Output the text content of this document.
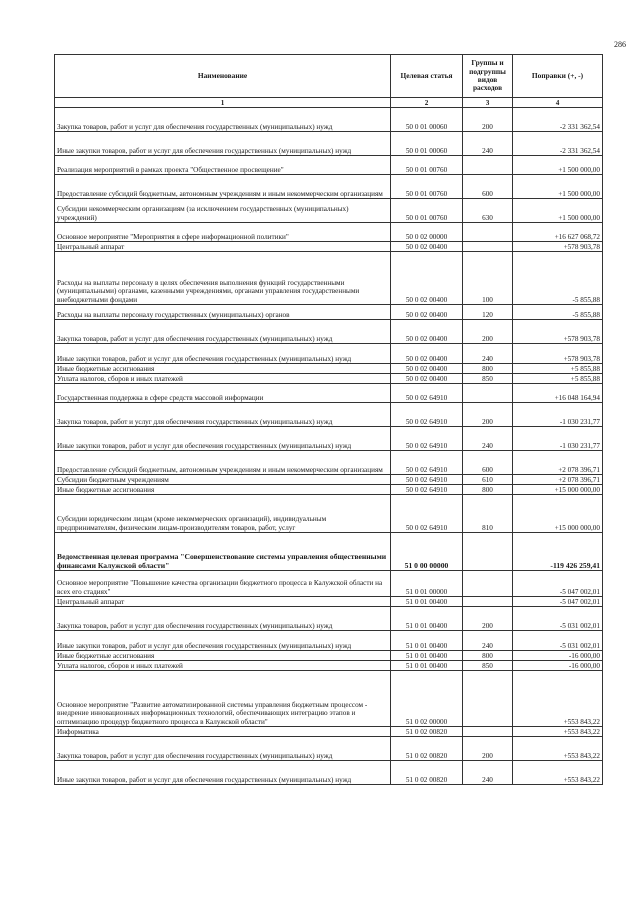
286
Наименование	Целевая статья	Группы и подгруппы видов расходов	Поправки (+, -)
1	2	3	4
Закупка товаров, работ и услуг для обеспечения государственных (муниципальных) нужд	50 0 01 00060	200	-2 331 362,54
Иные закупки товаров, работ и услуг для обеспечения государственных (муниципальных) нужд	50 0 01 00060	240	-2 331 362,54
Реализация мероприятий в рамках проекта "Общественное просвещение"	50 0 01 00760		+1 500 000,00
Предоставление субсидий бюджетным, автономным учреждениям и иным некоммерческим организациям	50 0 01 00760	600	+1 500 000,00
Субсидии некоммерческим организациям (за исключением государственных (муниципальных) учреждений)	50 0 01 00760	630	+1 500 000,00
Основное мероприятие "Мероприятия в сфере информационной политики"	50 0 02 00000		+16 627 068,72
Центральный аппарат	50 0 02 00400		+578 903,78
Расходы на выплаты персоналу в целях обеспечения выполнения функций государственными (муниципальными) органами, казенными учреждениями, органами управления государственными внебюджетными фондами	50 0 02 00400	100	-5 855,88
Расходы на выплаты персоналу государственных (муниципальных) органов	50 0 02 00400	120	-5 855,88
Закупка товаров, работ и услуг для обеспечения государственных (муниципальных) нужд	50 0 02 00400	200	+578 903,78
Иные закупки товаров, работ и услуг для обеспечения государственных (муниципальных) нужд	50 0 02 00400	240	+578 903,78
Иные бюджетные ассигнования	50 0 02 00400	800	+5 855,88
Уплата налогов, сборов и иных платежей	50 0 02 00400	850	+5 855,88
Государственная поддержка в сфере средств массовой информации	50 0 02 64910		+16 048 164,94
Закупка товаров, работ и услуг для обеспечения государственных (муниципальных) нужд	50 0 02 64910	200	-1 030 231,77
Иные закупки товаров, работ и услуг для обеспечения государственных (муниципальных) нужд	50 0 02 64910	240	-1 030 231,77
Предоставление субсидий бюджетным, автономным учреждениям и иным некоммерческим организациям	50 0 02 64910	600	+2 078 396,71
Субсидии бюджетным учреждениям	50 0 02 64910	610	+2 078 396,71
Иные бюджетные ассигнования	50 0 02 64910	800	+15 000 000,00
Субсидии юридическим лицам (кроме некоммерческих организаций), индивидуальным предпринимателям, физическим лицам-производителям товаров, работ, услуг	50 0 02 64910	810	+15 000 000,00
Ведомственная целевая программа "Совершенствование системы управления общественными финансами Калужской области"	51 0 00 00000		-119 426 259,41
Основное мероприятие "Повышение качества организации бюджетного процесса в Калужской области на всех его стадиях"	51 0 01 00000		-5 047 002,01
Центральный аппарат	51 0 01 00400		-5 047 002,01
Закупка товаров, работ и услуг для обеспечения государственных (муниципальных) нужд	51 0 01 00400	200	-5 031 002,01
Иные закупки товаров, работ и услуг для обеспечения государственных (муниципальных) нужд	51 0 01 00400	240	-5 031 002,01
Иные бюджетные ассигнования	51 0 01 00400	800	-16 000,00
Уплата налогов, сборов и иных платежей	51 0 01 00400	850	-16 000,00
Основное мероприятие "Развитие автоматизированной системы управления бюджетным процессом - внедрение инновационных информационных технологий, обеспечивающих интеграцию этапов и оптимизацию процедур бюджетного процесса в Калужской области"	51 0 02 00000		+553 843,22
Информатика	51 0 02 00820		+553 843,22
Закупка товаров, работ и услуг для обеспечения государственных (муниципальных) нужд	51 0 02 00820	200	+553 843,22
Иные закупки товаров, работ и услуг для обеспечения государственных (муниципальных) нужд	51 0 02 00820	240	+553 843,22
